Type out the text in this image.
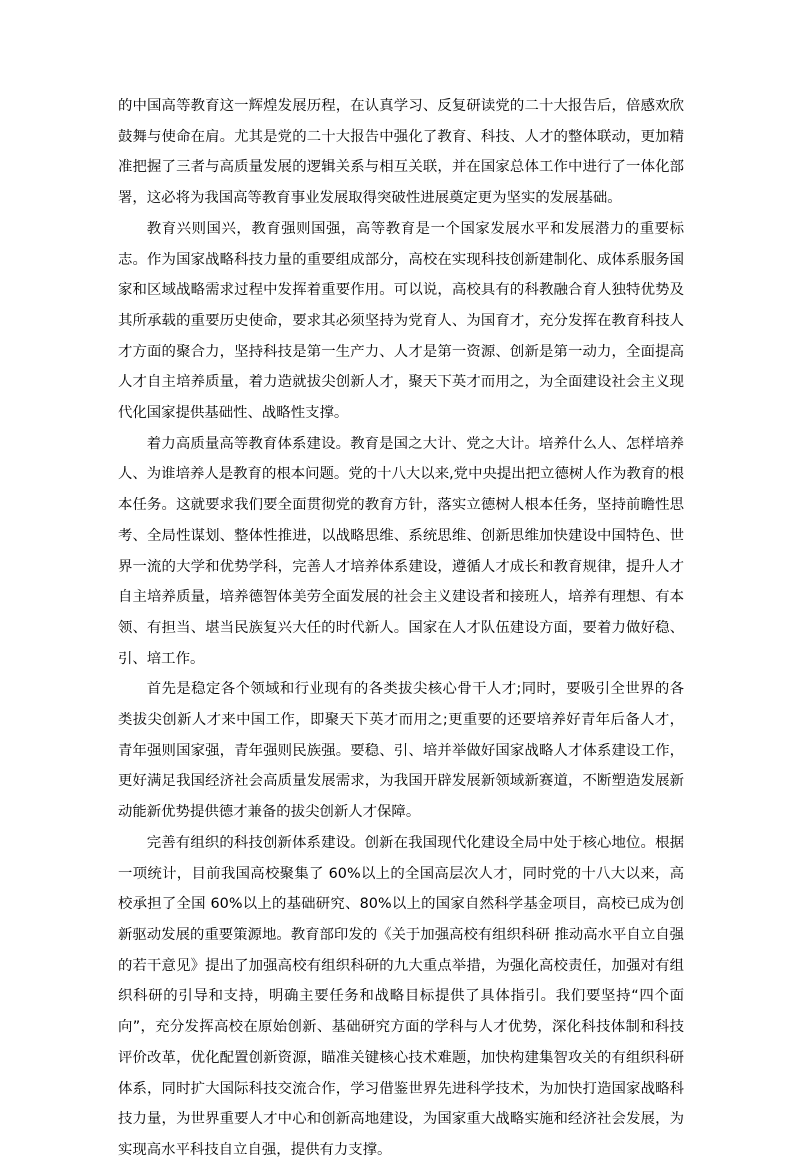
的中国高等教育这一辉煌发展历程，在认真学习、反复研读党的二十大报告后，倍感欢欣鼓舞与使命在肩。尤其是党的二十大报告中强化了教育、科技、人才的整体联动，更加精准把握了三者与高质量发展的逻辑关系与相互关联，并在国家总体工作中进行了一体化部署，这必将为我国高等教育事业发展取得突破性进展奠定更为坚实的发展基础。

教育兴则国兴，教育强则国强，高等教育是一个国家发展水平和发展潜力的重要标志。作为国家战略科技力量的重要组成部分，高校在实现科技创新建制化、成体系服务国家和区域战略需求过程中发挥着重要作用。可以说，高校具有的科教融合育人独特优势及其所承载的重要历史使命，要求其必须坚持为党育人、为国育才，充分发挥在教育科技人才方面的聚合力，坚持科技是第一生产力、人才是第一资源、创新是第一动力，全面提高人才自主培养质量，着力造就拔尖创新人才，聚天下英才而用之，为全面建设社会主义现代化国家提供基础性、战略性支撑。

着力高质量高等教育体系建设。教育是国之大计、党之大计。培养什么人、怎样培养人、为谁培养人是教育的根本问题。党的十八大以来,党中央提出把立德树人作为教育的根本任务。这就要求我们要全面贯彻党的教育方针，落实立德树人根本任务，坚持前瞻性思考、全局性谋划、整体性推进，以战略思维、系统思维、创新思维加快建设中国特色、世界一流的大学和优势学科，完善人才培养体系建设，遵循人才成长和教育规律，提升人才自主培养质量，培养德智体美劳全面发展的社会主义建设者和接班人，培养有理想、有本领、有担当、堪当民族复兴大任的时代新人。国家在人才队伍建设方面，要着力做好稳、引、培工作。

首先是稳定各个领域和行业现有的各类拔尖核心骨干人才;同时，要吸引全世界的各类拔尖创新人才来中国工作，即聚天下英才而用之;更重要的还要培养好青年后备人才，青年强则国家强，青年强则民族强。要稳、引、培并举做好国家战略人才体系建设工作，更好满足我国经济社会高质量发展需求，为我国开辟发展新领域新赛道，不断塑造发展新动能新优势提供德才兼备的拔尖创新人才保障。

完善有组织的科技创新体系建设。创新在我国现代化建设全局中处于核心地位。根据一项统计，目前我国高校聚集了 60%以上的全国高层次人才，同时党的十八大以来，高校承担了全国 60%以上的基础研究、80%以上的国家自然科学基金项目，高校已成为创新驱动发展的重要策源地。教育部印发的《关于加强高校有组织科研 推动高水平自立自强的若干意见》提出了加强高校有组织科研的九大重点举措，为强化高校责任，加强对有组织科研的引导和支持，明确主要任务和战略目标提供了具体指引。我们要坚持“四个面向”，充分发挥高校在原始创新、基础研究方面的学科与人才优势，深化科技体制和科技评价改革，优化配置创新资源，瞄准关键核心技术难题，加快构建集智攻关的有组织科研体系，同时扩大国际科技交流合作，学习借鉴世界先进科学技术，为加快打造国家战略科技力量，为世界重要人才中心和创新高地建设，为国家重大战略实施和经济社会发展，为实现高水平科技自立自强，提供有力支撑。
